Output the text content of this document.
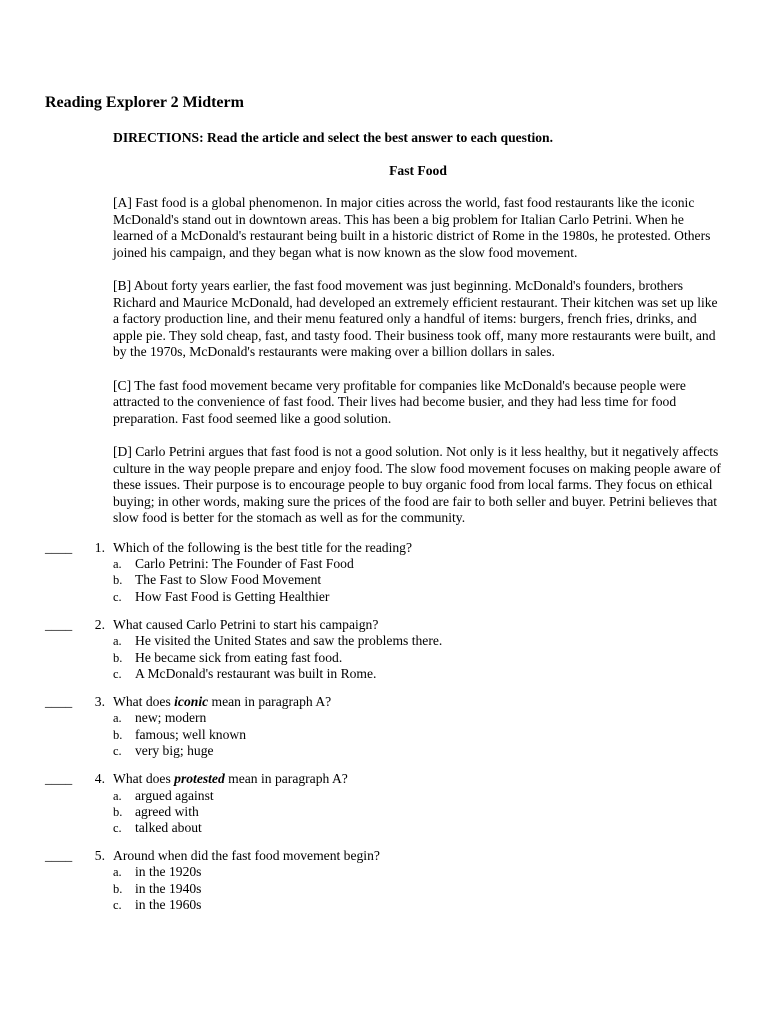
Reading Explorer 2 Midterm
DIRECTIONS: Read the article and select the best answer to each question.
Fast Food

[A] Fast food is a global phenomenon. In major cities across the world, fast food restaurants like the iconic McDonald's stand out in downtown areas. This has been a big problem for Italian Carlo Petrini. When he learned of a McDonald's restaurant being built in a historic district of Rome in the 1980s, he protested. Others joined his campaign, and they began what is now known as the slow food movement.

[B] About forty years earlier, the fast food movement was just beginning. McDonald's founders, brothers Richard and Maurice McDonald, had developed an extremely efficient restaurant. Their kitchen was set up like a factory production line, and their menu featured only a handful of items: burgers, french fries, drinks, and apple pie. They sold cheap, fast, and tasty food. Their business took off, many more restaurants were built, and by the 1970s, McDonald's restaurants were making over a billion dollars in sales.

[C] The fast food movement became very profitable for companies like McDonald's because people were attracted to the convenience of fast food. Their lives had become busier, and they had less time for food preparation. Fast food seemed like a good solution.

[D] Carlo Petrini argues that fast food is not a good solution. Not only is it less healthy, but it negatively affects culture in the way people prepare and enjoy food. The slow food movement focuses on making people aware of these issues. Their purpose is to encourage people to buy organic food from local farms. They focus on ethical buying; in other words, making sure the prices of the food are fair to both seller and buyer. Petrini believes that slow food is better for the stomach as well as for the community.

____	1. Which of the following is the best title for the reading?
a. Carlo Petrini: The Founder of Fast Food
b. The Fast to Slow Food Movement
c. How Fast Food is Getting Healthier
____	2. What caused Carlo Petrini to start his campaign?
a. He visited the United States and saw the problems there.
b. He became sick from eating fast food.
c. A McDonald's restaurant was built in Rome.
____	3. What does iconic mean in paragraph A?
a. new; modern
b. famous; well known
c. very big; huge
____	4. What does protested mean in paragraph A?
a. argued against
b. agreed with
c. talked about
____	5. Around when did the fast food movement begin?
a. in the 1920s
b. in the 1940s
c. in the 1960s
